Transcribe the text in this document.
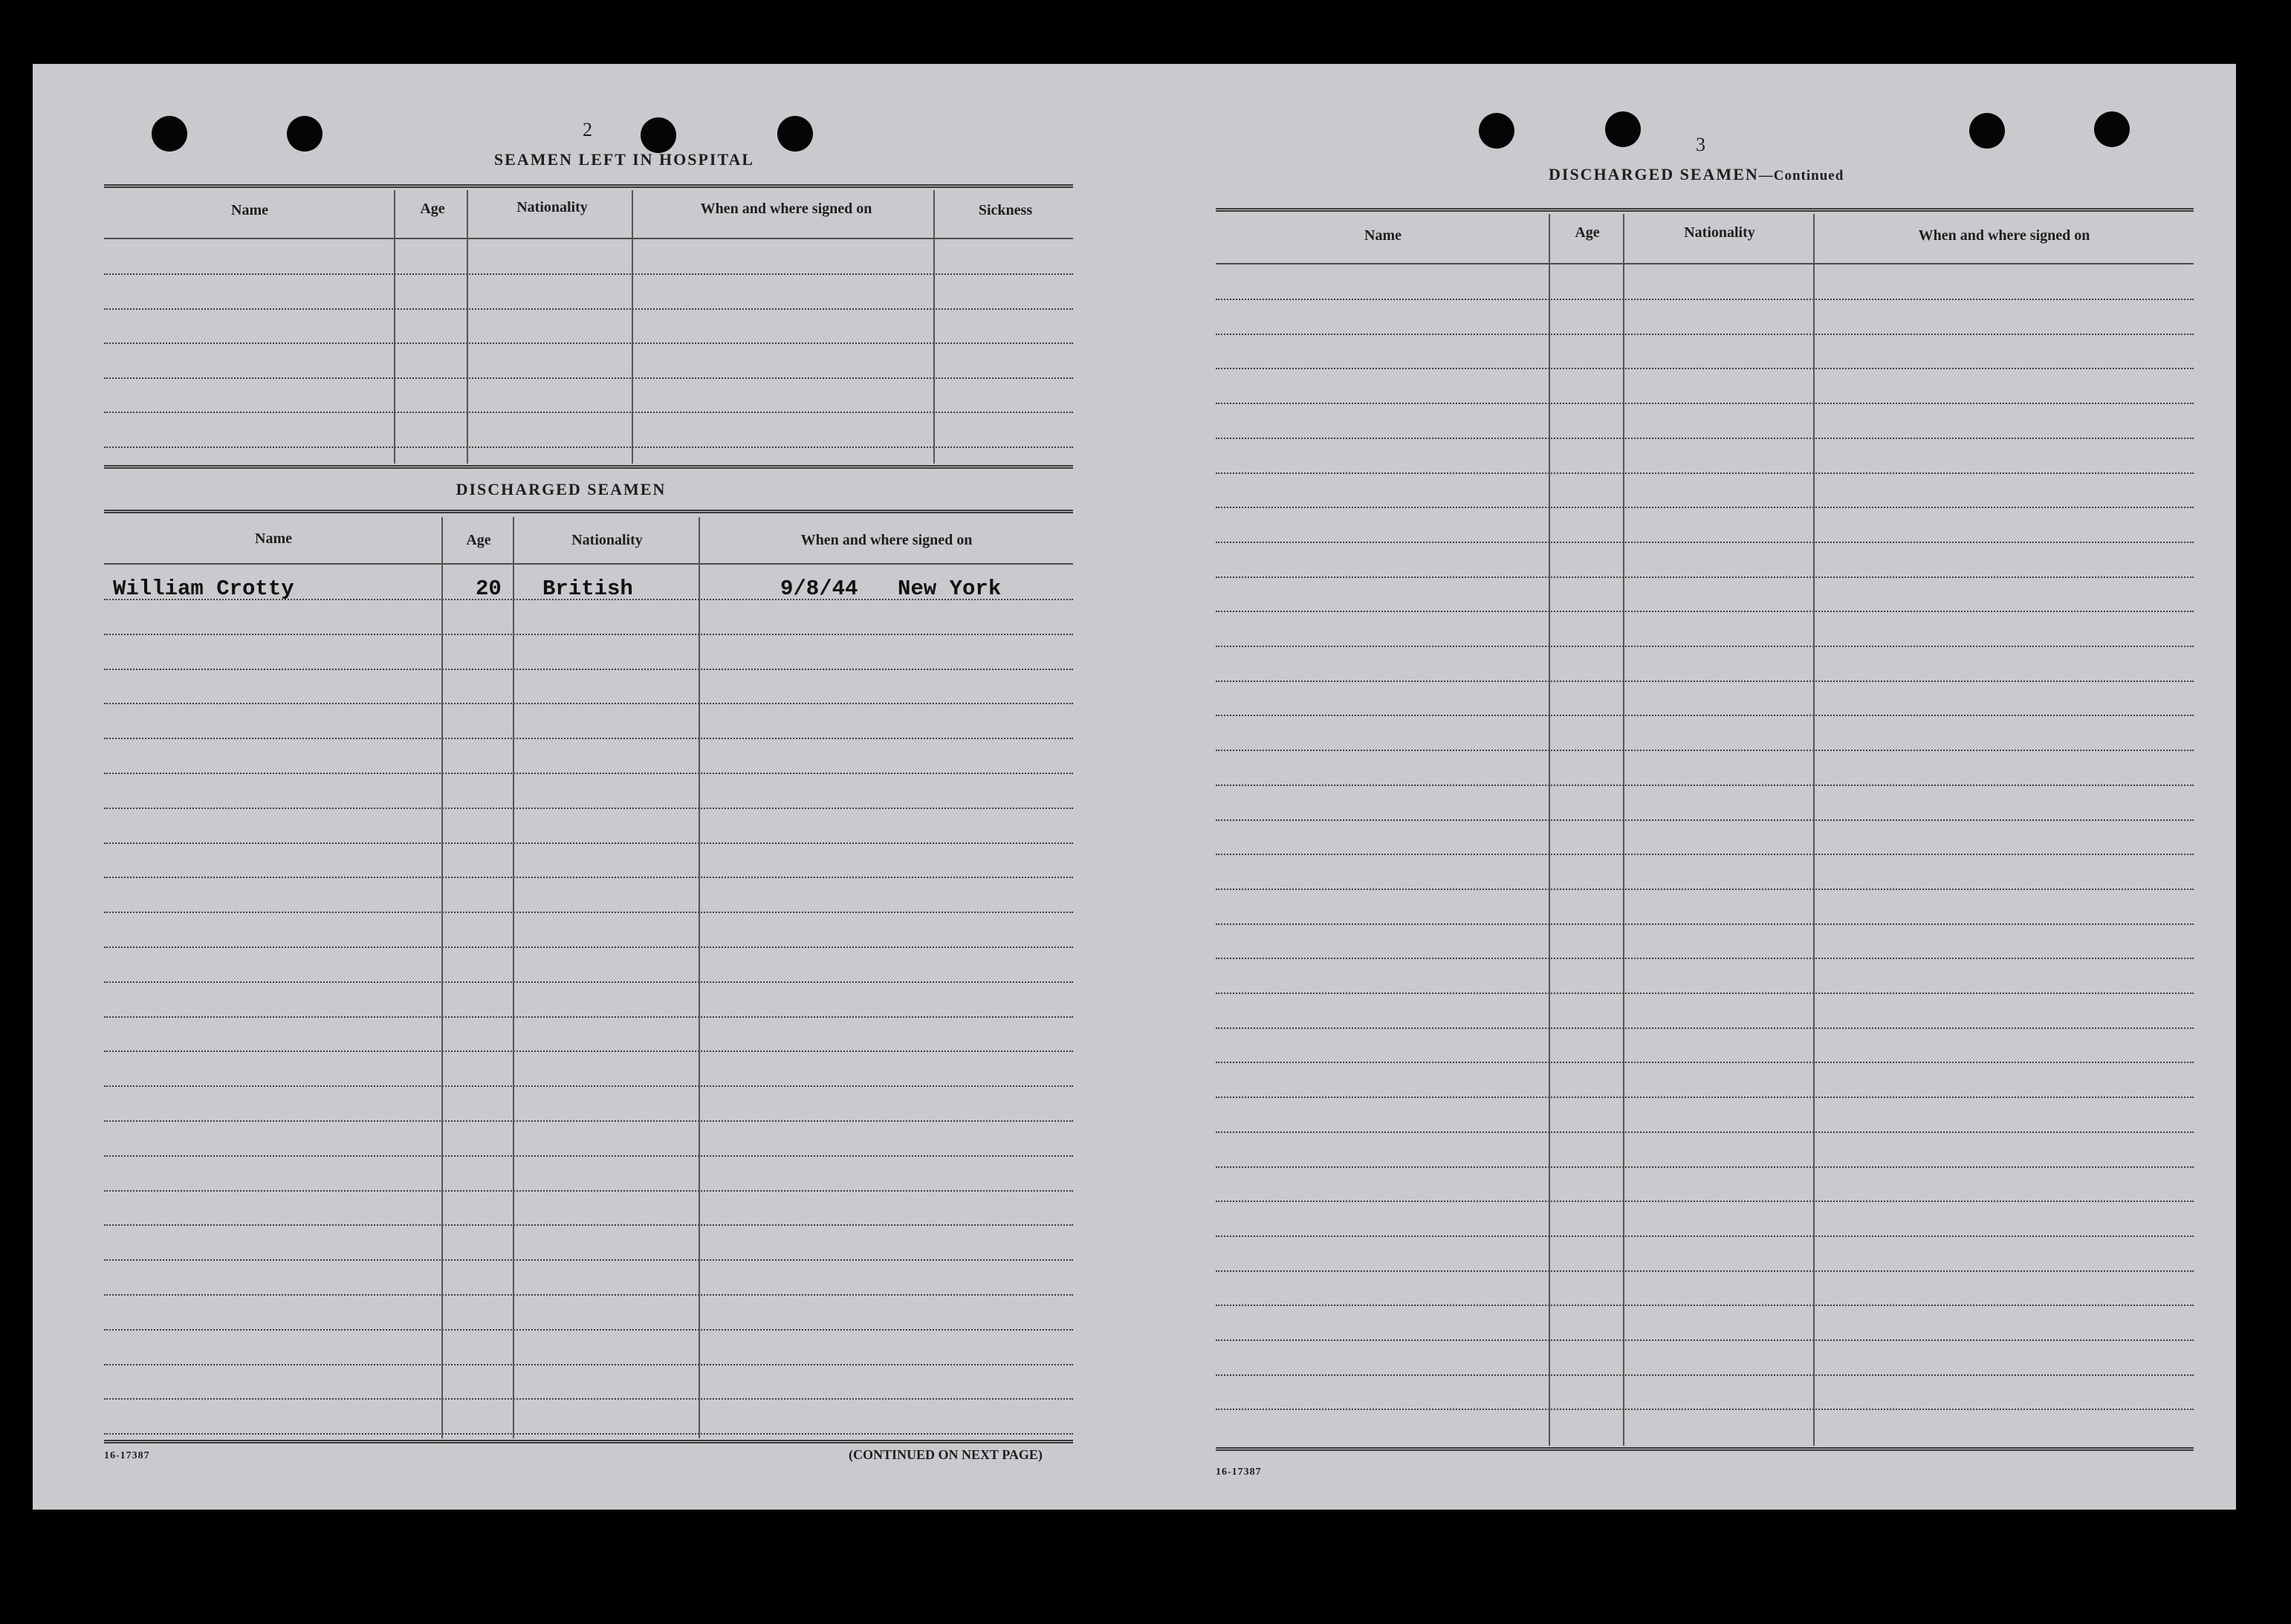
2
SEAMEN LEFT IN HOSPITAL
Name	Age	Nationality	When and where signed on	Sickness
DISCHARGED SEAMEN
Name	Age	Nationality	When and where signed on
William Crotty	20 British	9/8/44 New York
16-17387	(CONTINUED ON NEXT PAGE)
3
DISCHARGED SEAMEN—Continued
Name	Age	Nationality	When and where signed on
16-17387
